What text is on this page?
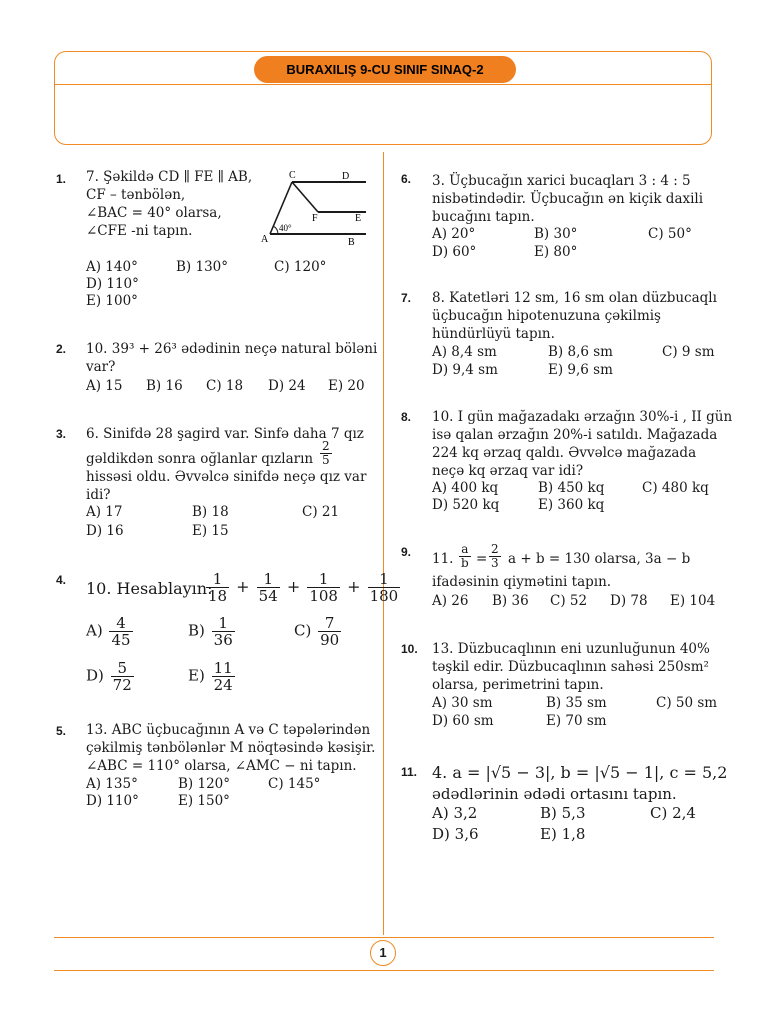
BURAXILIŞ 9-CU SINIF SINAQ-2
1
1. 7. Şəkildə CD ∥ FE ∥ AB,
CF – tənbölən,
∠BAC = 40° olarsa,
∠CFE -ni tapın.
C	D
F	E
A	B
40°
A) 140°	B) 130°	C) 120°
D) 110°
E) 100°
2. 10. 39³ + 26³ ədədinin neçə natural böləni
var?
A) 15 B) 16 C) 18 D) 24 E) 20
3. 6. Sinifdə 28 şagird var. Sinfə daha 7 qız
gəldikdən sonra oğlanlar qızların $\frac{2}{5}$
hissəsi oldu. Əvvəlcə sinifdə neçə qız var
idi?
A) 17	B) 18	C) 21
D) 16	E) 15
4. 10. Hesablayın:
$\frac{1}{18} + \frac{1}{54} + \frac{1}{108} + \frac{1}{180}$
$A) \frac{4}{45}$	$B) \frac{1}{36}$	$C) \frac{7}{90}$
$D) \frac{5}{72}$	$E) \frac{11}{24}$
5. 13. ABC üçbucağının A və C təpələrindən
çəkilmiş tənbölənlər M nöqtəsində kəsişir.
∠ABC = 110° olarsa, ∠AMC − ni tapın.
A) 135°	B) 120°	C) 145°
D) 110°	E) 150°
6. 3. Üçbucağın xarici bucaqları 3 : 4 : 5
nisbətindədir. Üçbucağın ən kiçik daxili
bucağını tapın.
A) 20°	B) 30°	C) 50°
D) 60°	E) 80°
7. 8. Katetləri 12 sm, 16 sm olan düzbucaqlı
üçbucağın hipotenuzuna çəkilmiş
hündürlüyü tapın.
A) 8,4 sm	B) 8,6 sm	C) 9 sm
D) 9,4 sm	E) 9,6 sm
8. 10. I gün mağazadakı ərzağın 30%-i , II gün
isə qalan ərzağın 20%-i satıldı. Mağazada
224 kq ərzaq qaldı. Əvvəlcə mağazada
neçə kq ərzaq var idi?
A) 400 kq	B) 450 kq	C) 480 kq
D) 520 kq	E) 360 kq
9. 11. $\frac{a}{b} = \frac{2}{3}$ a + b = 130 olarsa, 3a − b
ifadəsinin qiymətini tapın.
A) 26 B) 36 C) 52 D) 78 E) 104
10. 13. Düzbucaqlının eni uzunluğunun 40%
təşkil edir. Düzbucaqlının sahəsi 250sm²
olarsa, perimetrini tapın.
A) 30 sm	B) 35 sm	C) 50 sm
D) 60 sm	E) 70 sm
11. 4. a = |√5 − 3|, b = |√5 − 1|, c = 5,2
ədədlərinin ədədi ortasını tapın.
A) 3,2	B) 5,3	C) 2,4
D) 3,6	E) 1,8
